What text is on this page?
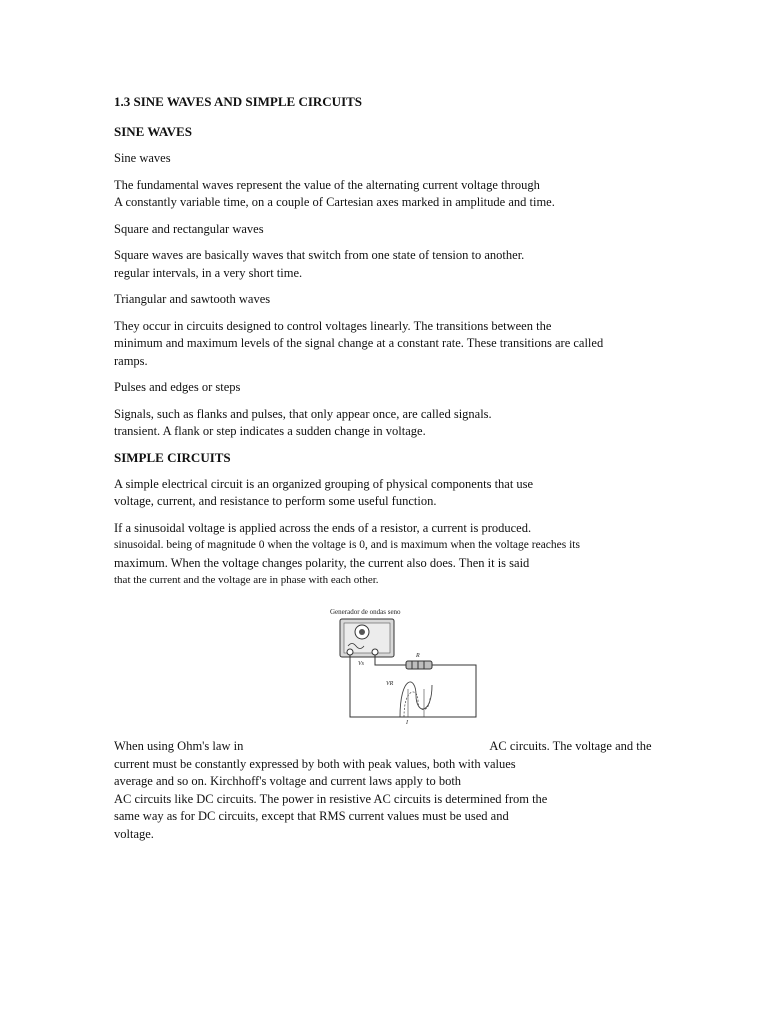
1.3 SINE WAVES AND SIMPLE CIRCUITS
SINE WAVES
Sine waves
The fundamental waves represent the value of the alternating current voltage through
A constantly variable time, on a couple of Cartesian axes marked in amplitude and time.
Square and rectangular waves
Square waves are basically waves that switch from one state of tension to another.
regular intervals, in a very short time.
Triangular and sawtooth waves
They occur in circuits designed to control voltages linearly. The transitions between the
minimum and maximum levels of the signal change at a constant rate. These transitions are called
ramps.
Pulses and edges or steps
Signals, such as flanks and pulses, that only appear once, are called signals.
transient. A flank or step indicates a sudden change in voltage.
SIMPLE CIRCUITS
A simple electrical circuit is an organized grouping of physical components that use
voltage, current, and resistance to perform some useful function.
If a sinusoidal voltage is applied across the ends of a resistor, a current is produced.
sinusoidal. being of magnitude 0 when the voltage is 0, and is maximum when the voltage reaches its
maximum. When the voltage changes polarity, the current also does. Then it is said
that the current and the voltage are in phase with each other.
Generador de ondas seno
Vs
R
VR
I
When using Ohm's law in	AC circuits. The voltage and the
current must be constantly expressed by both with peak values, both with values
average and so on. Kirchhoff's voltage and current laws apply to both
AC circuits like DC circuits. The power in resistive AC circuits is determined from the
same way as for DC circuits, except that RMS current values must be used and
voltage.
